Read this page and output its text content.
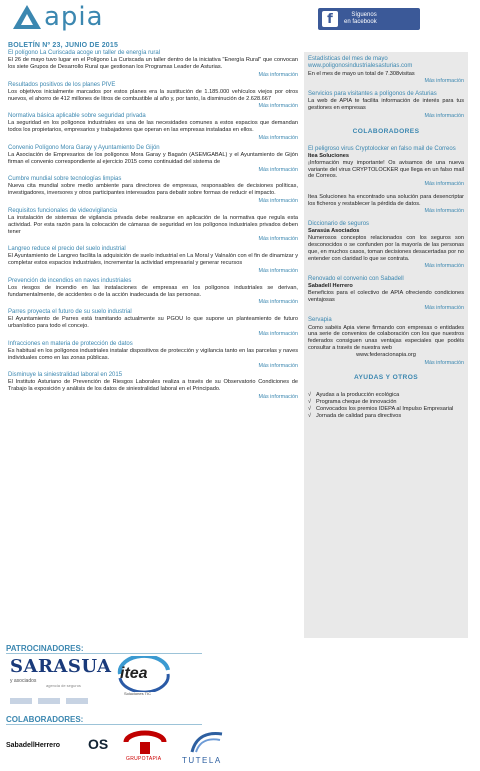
apia	f	Síguenos
en facebook
BOLETÍN Nº 23, JUNIO DE 2015
El polígono La Curiscada acoge un taller de energía rural
El 26 de mayo tuvo lugar en el Polígono La Curiscada un taller dentro de la iniciativa "Energía Rural" que convocan los siete Grupos de Desarrollo Rural que gestionan los Programas Leader de Asturias.
Más información
Resultados positivos de los planes PIVE
Los objetivos inicialmente marcados por estos planes era la sustitución de 1.185.000 vehículos viejos por otros nuevos, el ahorro de 412 millones de litros de combustible al año y, por tanto, la disminución de 2.628.667
Más información
Normativa básica aplicable sobre seguridad privada
La seguridad en los polígonos industriales es una de las necesidades comunes a estos espacios que demandan todos los propietarios, empresarios y trabajadores que operan en las empresas instaladas en ellos.
Más información
Convenio Polígono Mora Garay y Ayuntamiento De Gijón
La Asociación de Empresarios de los polígonos Mora Garay y Bagaón (ASEMGABAL) y el Ayuntamiento de Gijón firman el convenio correspondiente al ejercicio 2015 como continuidad del sistema de
Más información
Cumbre mundial sobre tecnologías limpias
Nueva cita mundial sobre medio ambiente para directores de empresas, responsables de decisiones políticas, investigadores, inversores y otros participantes interesados para debatir sobre formas de reducir el impacto.
Más información
Requisitos funcionales de videovigilancia
La instalación de sistemas de vigilancia privada debe realizarse en aplicación de la normativa que regula esta actividad. Por esta razón para la colocación de cámaras de seguridad en los polígonos industriales privados deben tener
Más información
Langreo reduce el precio del suelo industrial
El Ayuntamiento de Langreo facilita la adquisición de suelo industrial en La Moral y Valnalón con el fin de dinamizar y completar estos espacios industriales, incrementar la actividad empresarial y generar recursos
Más información
Prevención de incendios en naves industriales
Los riesgos de incendio en las instalaciones de empresas en los polígonos industriales se derivan, fundamentalmente, de accidentes o de la acción inadecuada de las personas.
Más información
Parres proyecta el futuro de su suelo industrial
El Ayuntamiento de Parres está tramitando actualmente su PGOU lo que supone un planteamiento de futuro urbanístico para todo el concejo.
Más información
Infracciones en materia de protección de datos
Es habitual en los polígonos industriales instalar dispositivos de protección y vigilancia tanto en las parcelas y naves individuales como en las zonas públicas.
Más información
Disminuye la siniestralidad laboral en 2015
El Instituto Asturiano de Prevención de Riesgos Laborales realiza a través de su Observatorio Condiciones de Trabajo la exposición y análisis de los datos de siniestralidad laboral en el Principado.
Más información
Estadísticas del mes de mayo
www.poligonosindustrialesasturias.com
En el mes de mayo un total de 7.308visitas
Más información
Servicios para visitantes a polígonos de Asturias
La web de APIA te facilita información de interés para tus gestiones en empresas
Más información
COLABORADORES
El peligroso virus Cryptolocker en falso mail de Correos
Itea Soluciones
¡Información muy importante! Os avisamos de una nueva variante del virus CRYPTOLOCKER que llega en un falso mail de Correos.
Más información
Itea Soluciones ha encontrado una solución para desencriptar los ficheros y restablecer la pérdida de datos.
Más información
Diccionario de seguros
Sarasúa Asociados
Numerosos conceptos relacionados con los seguros son desconocidos o se confunden por la mayoría de las personas que, en muchos casos, toman decisiones desacertadas por no entender con claridad lo que se contrata.
Más información
Renovado el convenio con Sabadell
Sabadell Herrero
Beneficios para el colectivo de APIA ofreciendo condiciones ventajosas
Más información
Servapia
Como sabéis Apia viene firmando con empresas o entidades una serie de convenios de colaboración con los que nuestros federados consiguen unas ventajas especiales que podéis consultar a través de nuestra web
www.federacionapia.org
Más información
AYUDAS Y OTROS
√ Ayudas a la producción ecológica
√ Programa cheque de innovación
√ Convocados los premios IDEPA al Impulso Empresarial
√ Jornada de calidad para directivos
PATROCINADORES:
SARASUA
y asociados
agencia de seguros
itea
Soluciones TIC
COLABORADORES:
SabadellHerrero OS
GRUPOTAPIA	TUTELA
